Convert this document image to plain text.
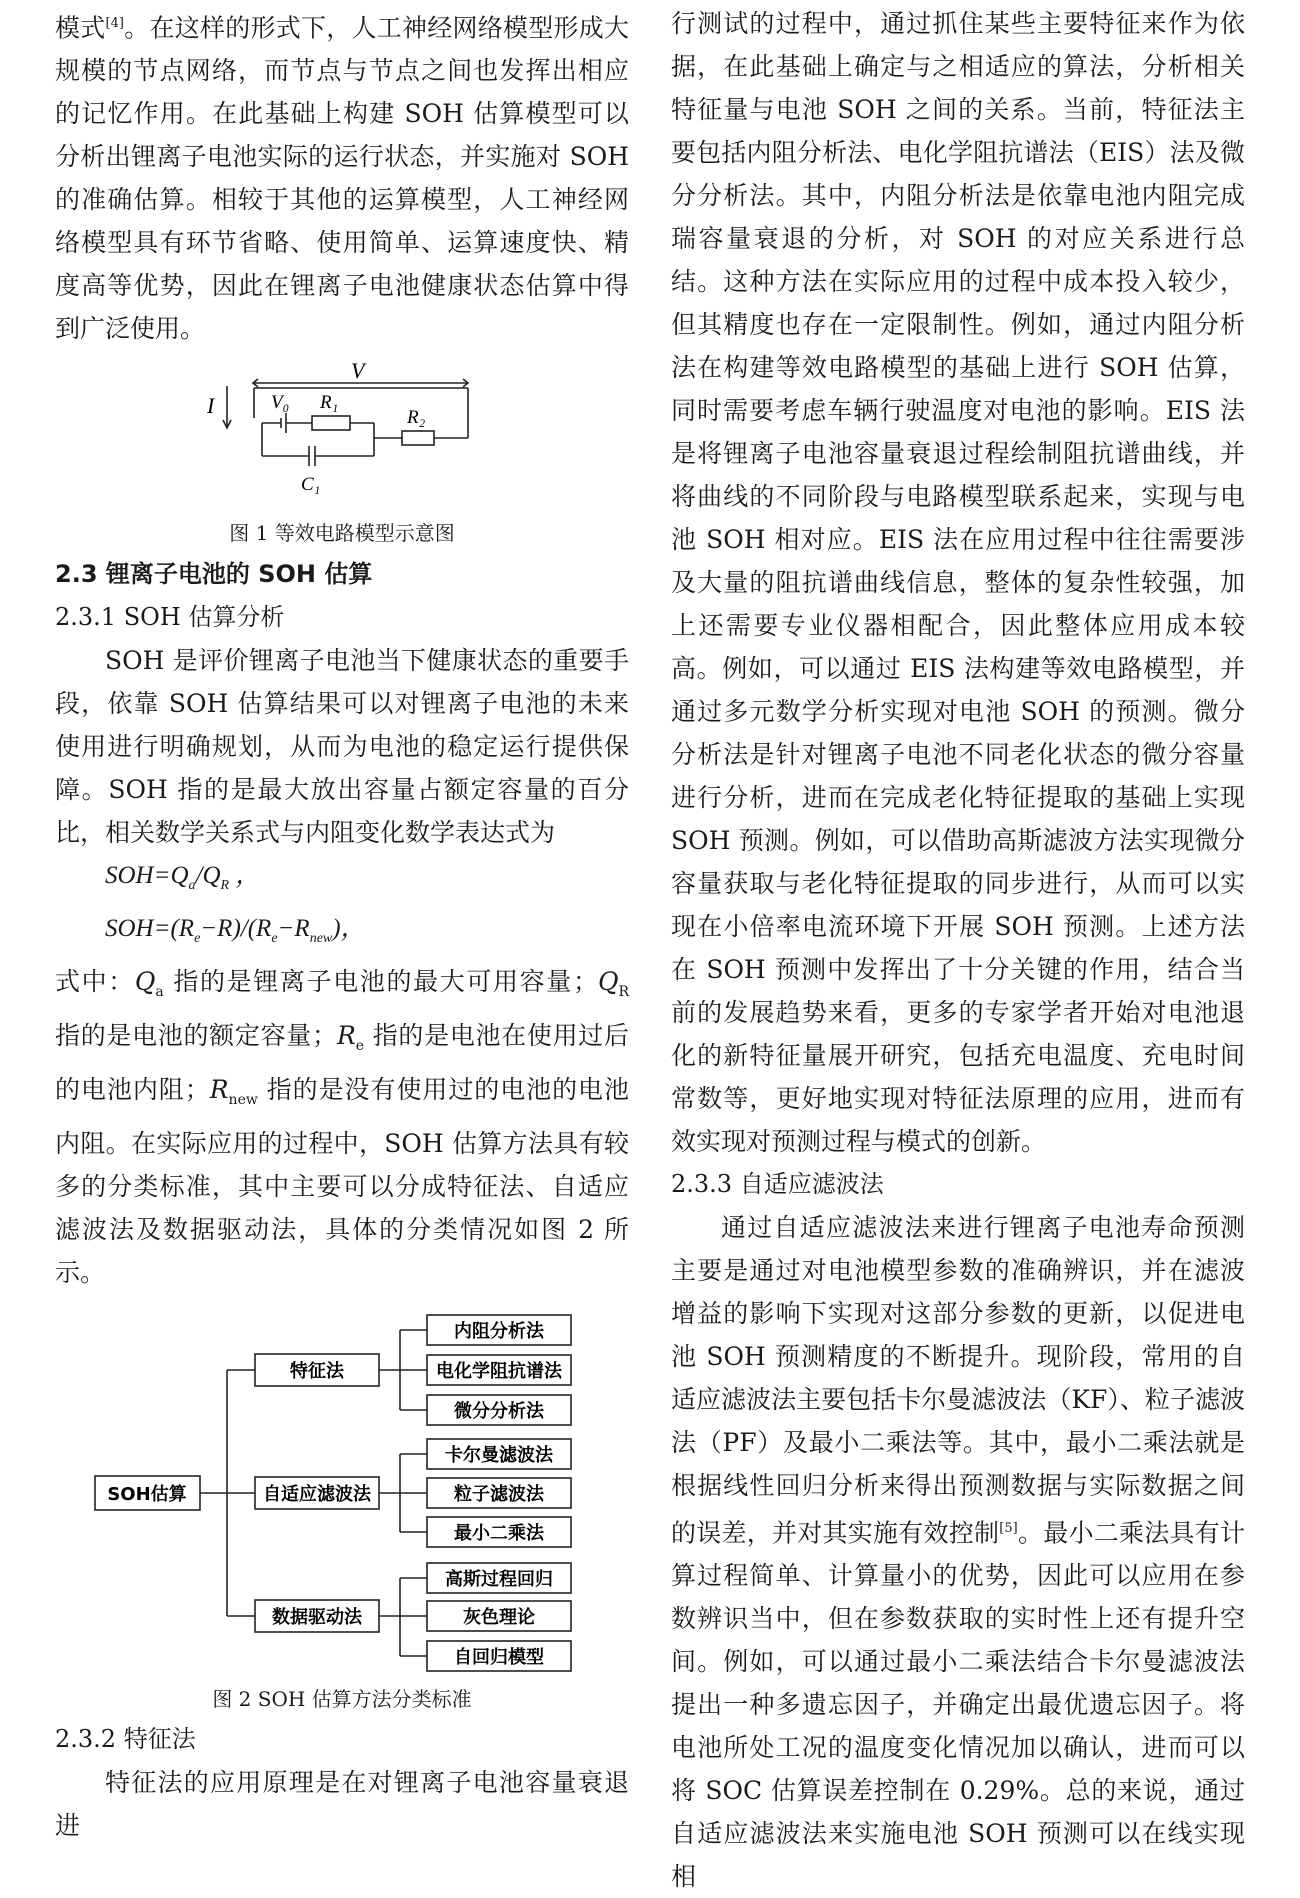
模式[4]。在这样的形式下，人工神经网络模型形成大规模的节点网络，而节点与节点之间也发挥出相应的记忆作用。在此基础上构建 SOH 估算模型可以分析出锂离子电池实际的运行状态，并实施对 SOH 的准确估算。相较于其他的运算模型，人工神经网络模型具有环节省略、使用简单、运算速度快、精度高等优势，因此在锂离子电池健康状态估算中得到广泛使用。

V
I	V₀ R₁
R₂
C₁

图 1 等效电路模型示意图

2.3 锂离子电池的 SOH 估算

2.3.1 SOH 估算分析

SOH 是评价锂离子电池当下健康状态的重要手段，依靠 SOH 估算结果可以对锂离子电池的未来使用进行明确规划，从而为电池的稳定运行提供保障。SOH 指的是最大放出容量占额定容量的百分比，相关数学关系式与内阻变化数学表达式为

$SOH=Q_a/Q_R$ ，

$SOH=(R_e-R)/(R_e-R_{new})$，

式中：$Q_a$ 指的是锂离子电池的最大可用容量；$Q_R$ 指的是电池的额定容量；$R_e$ 指的是电池在使用过后的电池内阻；$R_{new}$ 指的是没有使用过的电池的电池内阻。在实际应用的过程中，SOH 估算方法具有较多的分类标准，其中主要可以分成特征法、自适应滤波法及数据驱动法，具体的分类情况如图 2 所示。

SOH估算
特征法
自适应滤波法
数据驱动法
内阻分析法
电化学阻抗谱法
微分分析法
卡尔曼滤波法
粒子滤波法
最小二乘法
高斯过程回归
灰色理论
自回归模型

图 2 SOH 估算方法分类标准

2.3.2 特征法

特征法的应用原理是在对锂离子电池容量衰退进

行测试的过程中，通过抓住某些主要特征来作为依据，在此基础上确定与之相适应的算法，分析相关特征量与电池 SOH 之间的关系。当前，特征法主要包括内阻分析法、电化学阻抗谱法（EIS）法及微分分析法。其中，内阻分析法是依靠电池内阻完成瑞容量衰退的分析，对 SOH 的对应关系进行总结。这种方法在实际应用的过程中成本投入较少，但其精度也存在一定限制性。例如，通过内阻分析法在构建等效电路模型的基础上进行 SOH 估算，同时需要考虑车辆行驶温度对电池的影响。EIS 法是将锂离子电池容量衰退过程绘制阻抗谱曲线，并将曲线的不同阶段与电路模型联系起来，实现与电池 SOH 相对应。EIS 法在应用过程中往往需要涉及大量的阻抗谱曲线信息，整体的复杂性较强，加上还需要专业仪器相配合，因此整体应用成本较高。例如，可以通过 EIS 法构建等效电路模型，并通过多元数学分析实现对电池 SOH 的预测。微分分析法是针对锂离子电池不同老化状态的微分容量进行分析，进而在完成老化特征提取的基础上实现 SOH 预测。例如，可以借助高斯滤波方法实现微分容量获取与老化特征提取的同步进行，从而可以实现在小倍率电流环境下开展 SOH 预测。上述方法在 SOH 预测中发挥出了十分关键的作用，结合当前的发展趋势来看，更多的专家学者开始对电池退化的新特征量展开研究，包括充电温度、充电时间常数等，更好地实现对特征法原理的应用，进而有效实现对预测过程与模式的创新。

2.3.3 自适应滤波法

通过自适应滤波法来进行锂离子电池寿命预测主要是通过对电池模型参数的准确辨识，并在滤波增益的影响下实现对这部分参数的更新，以促进电池 SOH 预测精度的不断提升。现阶段，常用的自适应滤波法主要包括卡尔曼滤波法（KF）、粒子滤波法（PF）及最小二乘法等。其中，最小二乘法就是根据线性回归分析来得出预测数据与实际数据之间的误差，并对其实施有效控制[5]。最小二乘法具有计算过程简单、计算量小的优势，因此可以应用在参数辨识当中，但在参数获取的实时性上还有提升空间。例如，可以通过最小二乘法结合卡尔曼滤波法提出一种多遗忘因子，并确定出最优遗忘因子。将电池所处工况的温度变化情况加以确认，进而可以将 SOC 估算误差控制在 0.29%。总的来说，通过自适应滤波法来实施电池 SOH 预测可以在线实现相
